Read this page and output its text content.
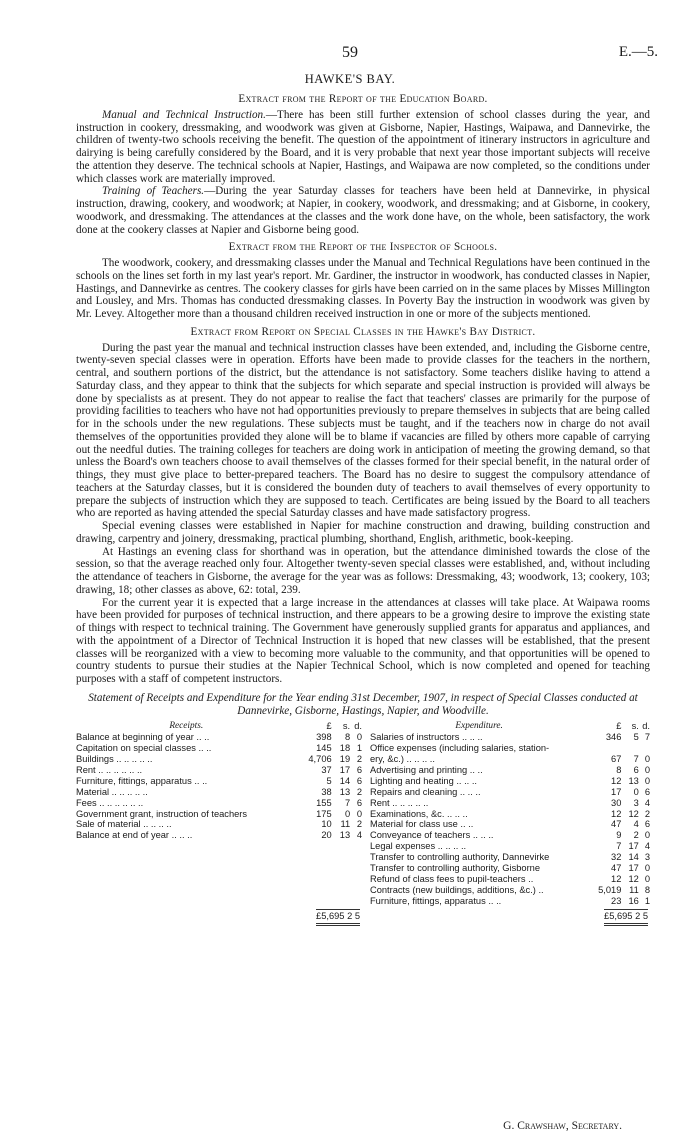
59	E.—5.
HAWKE'S BAY.
Extract from the Report of the Education Board.

Manual and Technical Instruction.—There has been still further extension of school classes during the year, and instruction in cookery, dressmaking, and woodwork was given at Gisborne, Napier, Hastings, Waipawa, and Dannevirke, the children of twenty-two schools receiving the benefit. The question of the appointment of itinerary instructors in agriculture and dairying is being carefully considered by the Board, and it is very probable that next year those important subjects will receive the attention they deserve. The technical schools at Napier, Hastings, and Waipawa are now completed, so the conditions under which classes work are materially improved.

Training of Teachers.—During the year Saturday classes for teachers have been held at Dannevirke, in physical instruction, drawing, cookery, and woodwork; at Napier, in cookery, woodwork, and dressmaking; and at Gisborne, in cookery, woodwork, and dressmaking. The attendances at the classes and the work done have, on the whole, been satisfactory, the work done at the cookery classes at Napier and Gisborne being good.

Extract from the Report of the Inspector of Schools.

The woodwork, cookery, and dressmaking classes under the Manual and Technical Regulations have been continued in the schools on the lines set forth in my last year's report. Mr. Gardiner, the instructor in woodwork, has conducted classes in Napier, Hastings, and Dannevirke as centres. The cookery classes for girls have been carried on in the same places by Misses Millington and Lousley, and Mrs. Thomas has conducted dressmaking classes. In Poverty Bay the instruction in woodwork was given by Mr. Levey. Altogether more than a thousand children received instruction in one or more of the subjects mentioned.

Extract from Report on Special Classes in the Hawke's Bay District.

During the past year the manual and technical instruction classes have been extended, and, including the Gisborne centre, twenty-seven special classes were in operation. Efforts have been made to provide classes for the teachers in the northern, central, and southern portions of the district, but the attendance is not satisfactory. Some teachers dislike having to attend a Saturday class, and they appear to think that the subjects for which separate and special instruction is provided will always be done by specialists as at present. They do not appear to realise the fact that teachers' classes are primarily for the purpose of providing facilities to teachers who have not had opportunities previously to prepare themselves in subjects that are being called for in the schools under the new regulations. These subjects must be taught, and if the teachers now in charge do not avail themselves of the opportunities provided they alone will be to blame if vacancies are filled by others more capable of carrying out the needful duties. The training colleges for teachers are doing work in anticipation of meeting the growing demand, so that unless the Board's own teachers choose to avail themselves of the classes formed for their special benefit, in the natural order of things, they must give place to better-prepared teachers. The Board has no desire to suggest the compulsory attendance of teachers at the Saturday classes, but it is considered the bounden duty of teachers to avail themselves of every opportunity to prepare the subjects of instruction which they are supposed to teach. Certificates are being issued by the Board to all teachers who are reported as having attended the special Saturday classes and have made satisfactory progress.

Special evening classes were established in Napier for machine construction and drawing, building construction and drawing, carpentry and joinery, dressmaking, practical plumbing, shorthand, English, arithmetic, book-keeping.

At Hastings an evening class for shorthand was in operation, but the attendance diminished towards the close of the session, so that the average reached only four. Altogether twenty-seven special classes were established, and, without including the attendance of teachers in Gisborne, the average for the year was as follows: Dressmaking, 43; woodwork, 13; cookery, 103; drawing, 18; other classes as above, 62: total, 239.

For the current year it is expected that a large increase in the attendances at classes will take place. At Waipawa rooms have been provided for purposes of technical instruction, and there appears to be a growing desire to improve the existing state of things with respect to technical training. The Government have generously supplied grants for apparatus and appliances, and with the appointment of a Director of Technical Instruction it is hoped that new classes will be established, that the present classes will be reorganized with a view to becoming more valuable to the community, and that opportunities will be opened to country students to pursue their studies at the Napier Technical School, which is now completed and opened for teaching purposes with a staff of competent instructors.

Statement of Receipts and Expenditure for the Year ending 31st December, 1907, in respect of Special Classes conducted at Dannevirke, Gisborne, Hastings, Napier, and Woodville.
Receipts.	£	s.	d.
Balance at beginning of year .. ..	398	8	0
Capitation on special classes .. ..	145	18	1
Buildings .. .. .. .. ..	4,706	19	2
Rent .. .. .. .. .. ..	37	17	6
Furniture, fittings, apparatus .. ..	5	14	6
Material .. .. .. .. ..	38	13	2
Fees .. .. .. .. .. ..	155	7	6
Government grant, instruction of teachers	175	0	0
Sale of material .. .. .. ..	10	11	2
Balance at end of year .. .. ..	20	13	4

Expenditure.	£	s.	d.
Salaries of instructors .. .. ..	346	5	7
Office expenses (including salaries, station-			
ery, &c.) .. .. .. ..	67	7	0
Advertising and printing .. ..	8	6	0
Lighting and heating .. .. ..	12	13	0
Repairs and cleaning .. .. ..	17	0	6
Rent .. .. .. .. ..	30	3	4
Examinations, &c. .. .. ..	12	12	2
Material for class use .. ..	47	4	6
Conveyance of teachers .. .. ..	9	2	0
Legal expenses .. .. .. ..	7	17	4
Transfer to controlling authority, Dannevirke	32	14	3
Transfer to controlling authority, Gisborne	47	17	0
Refund of class fees to pupil-teachers ..	12	12	0
Contracts (new buildings, additions, &c.) ..	5,019	11	8
Furniture, fittings, apparatus .. ..	23	16	1

£5,695 2 5		£5,695 2 5
G. Crawshaw, Secretary.
